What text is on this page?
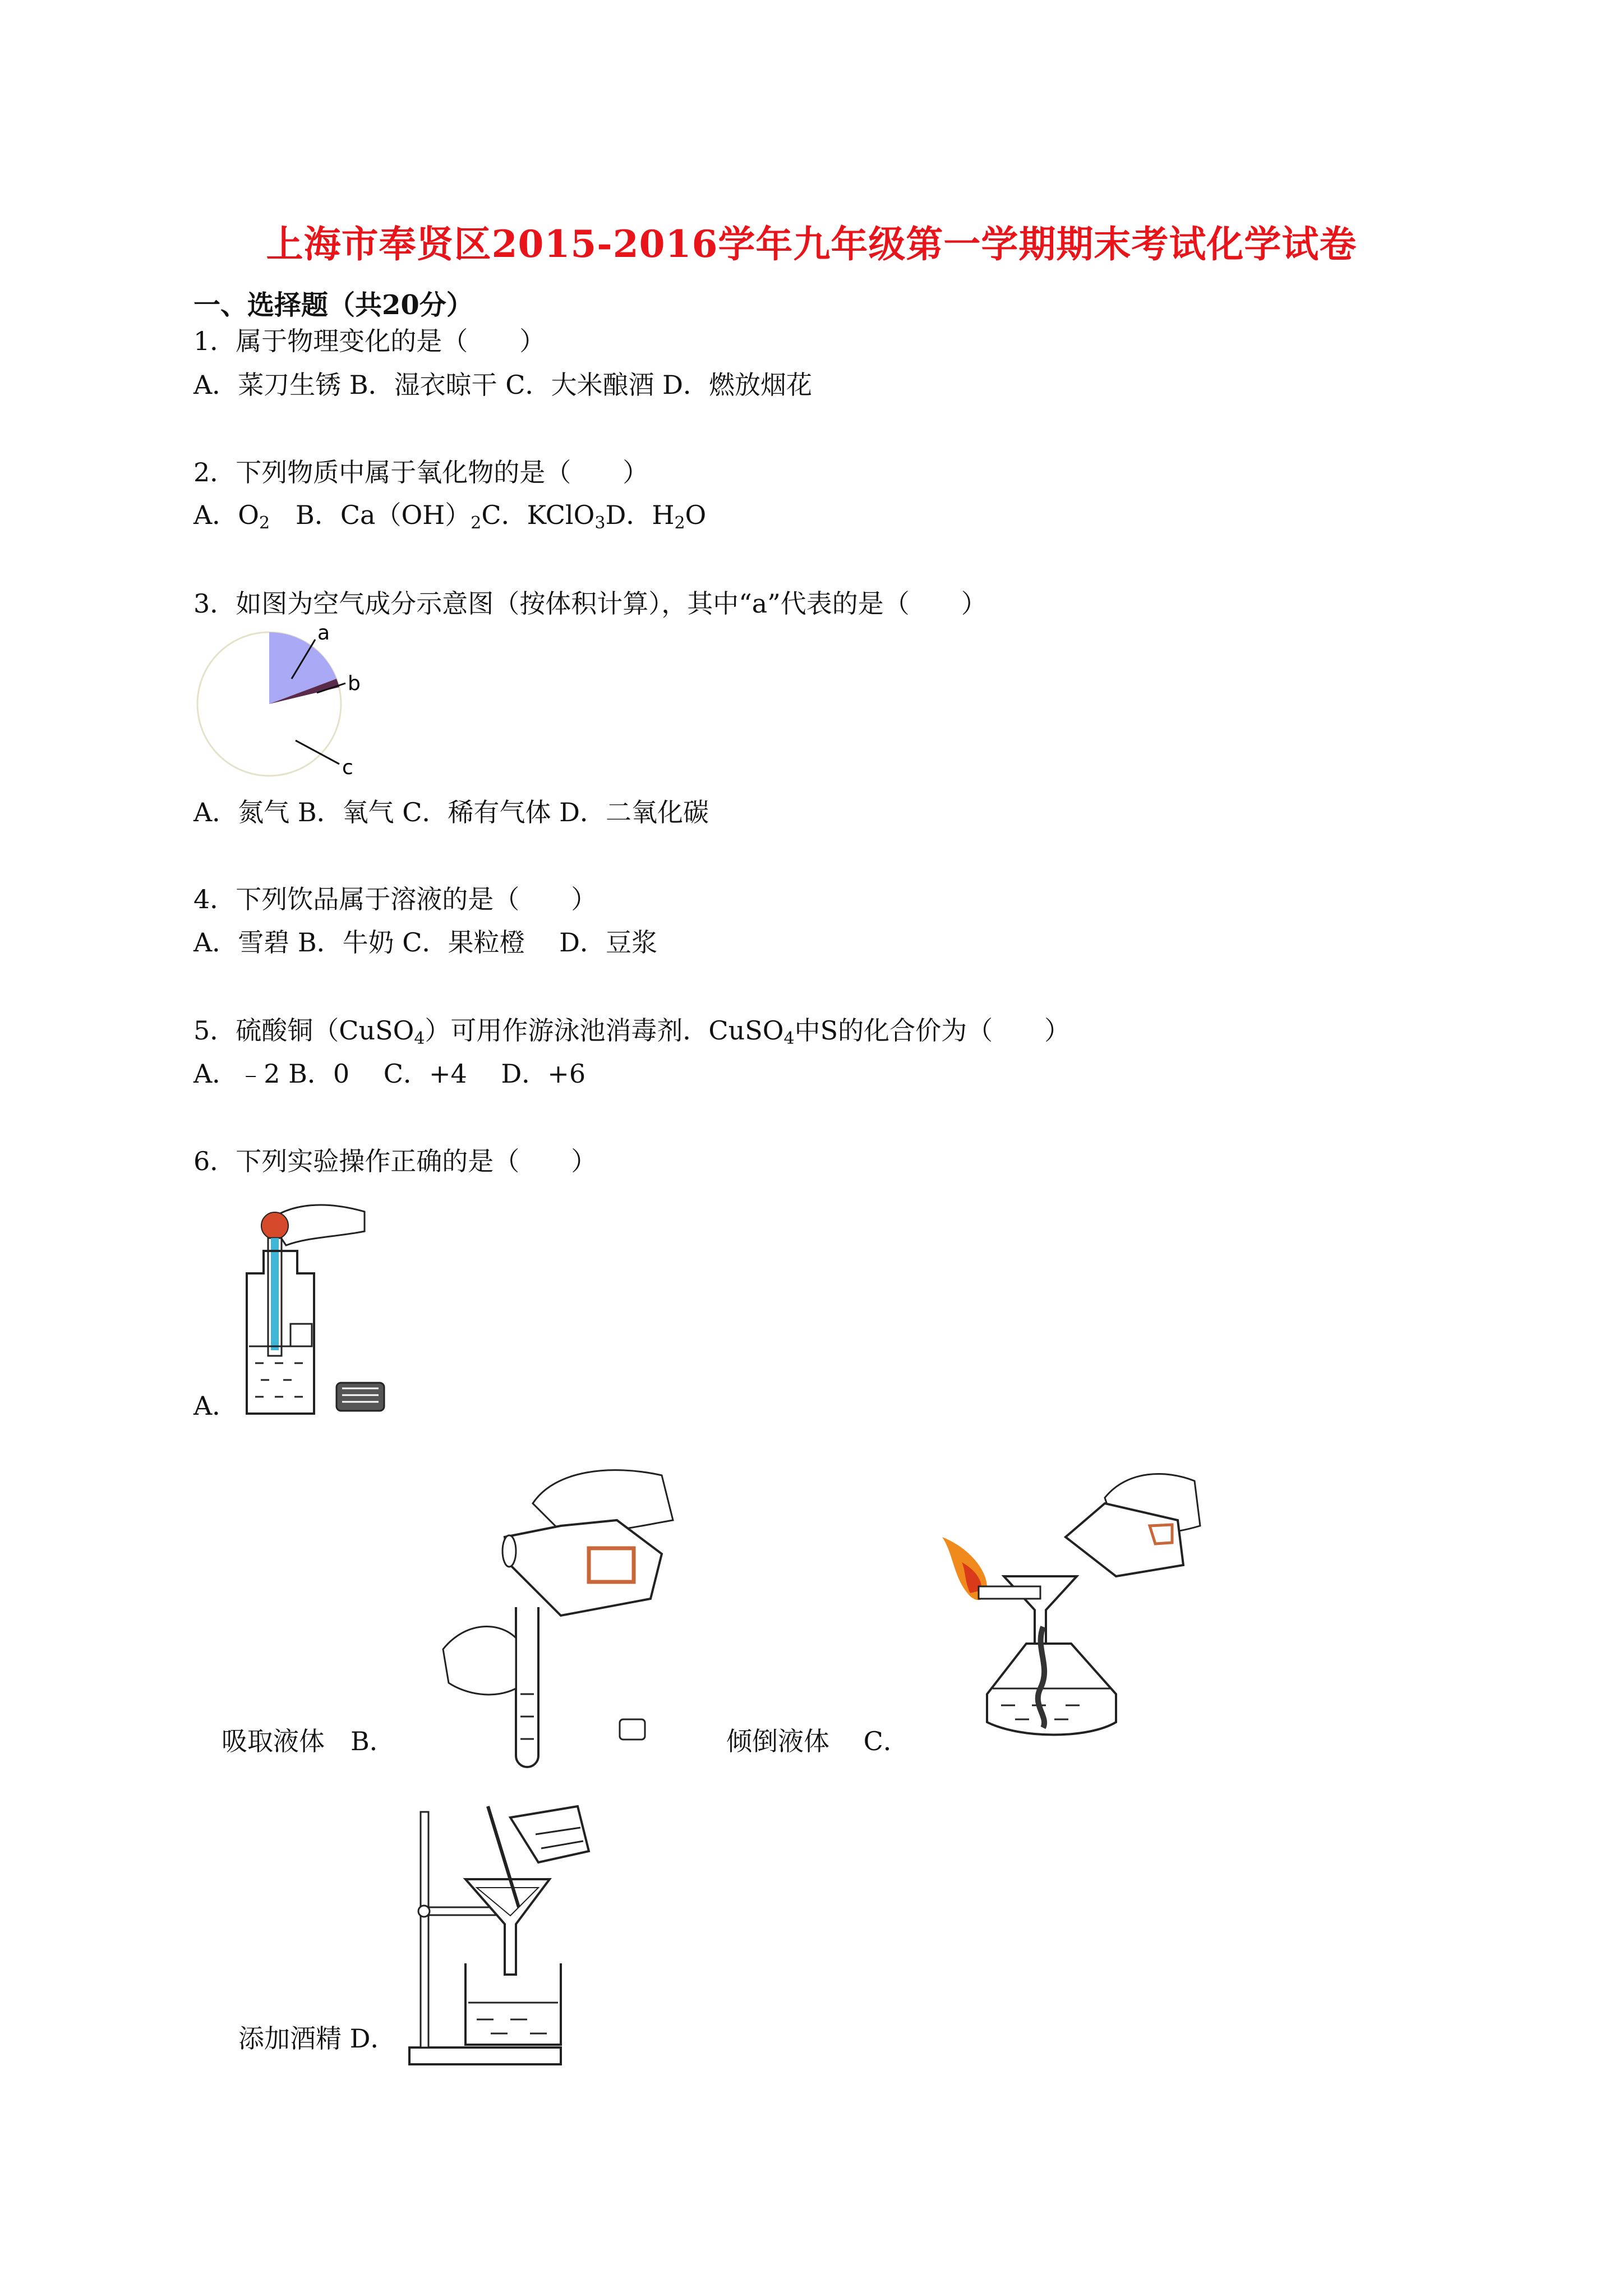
上海市奉贤区2015-2016学年九年级第一学期期末考试化学试卷
一、选择题（共20分）
1．属于物理变化的是（　　）
A．菜刀生锈 B．湿衣晾干 C．大米酿酒 D．燃放烟花
2．下列物质中属于氧化物的是（　　）
A．$O_2$　B．$Ca(OH)_2C$．KClO$_3$D．$H_2O$
3．如图为空气成分示意图（按体积计算），其中“a”代表的是（　　）
a
b
c
A．氮气 B．氧气 C．稀有气体 D．二氧化碳
4．下列饮品属于溶液的是（　　）
A．雪碧 B．牛奶 C．果粒橙　 D．豆浆
5．硫酸铜（CuSO$_4$）可用作游泳池消毒剂．CuSO$_4$中S的化合价为（　　）
A．﹣2 B．0　 C．+4　 D．+6
6．下列实验操作正确的是（　　）
A．
吸取液体　B．	倾倒液体　 C．
添加酒精 D．
